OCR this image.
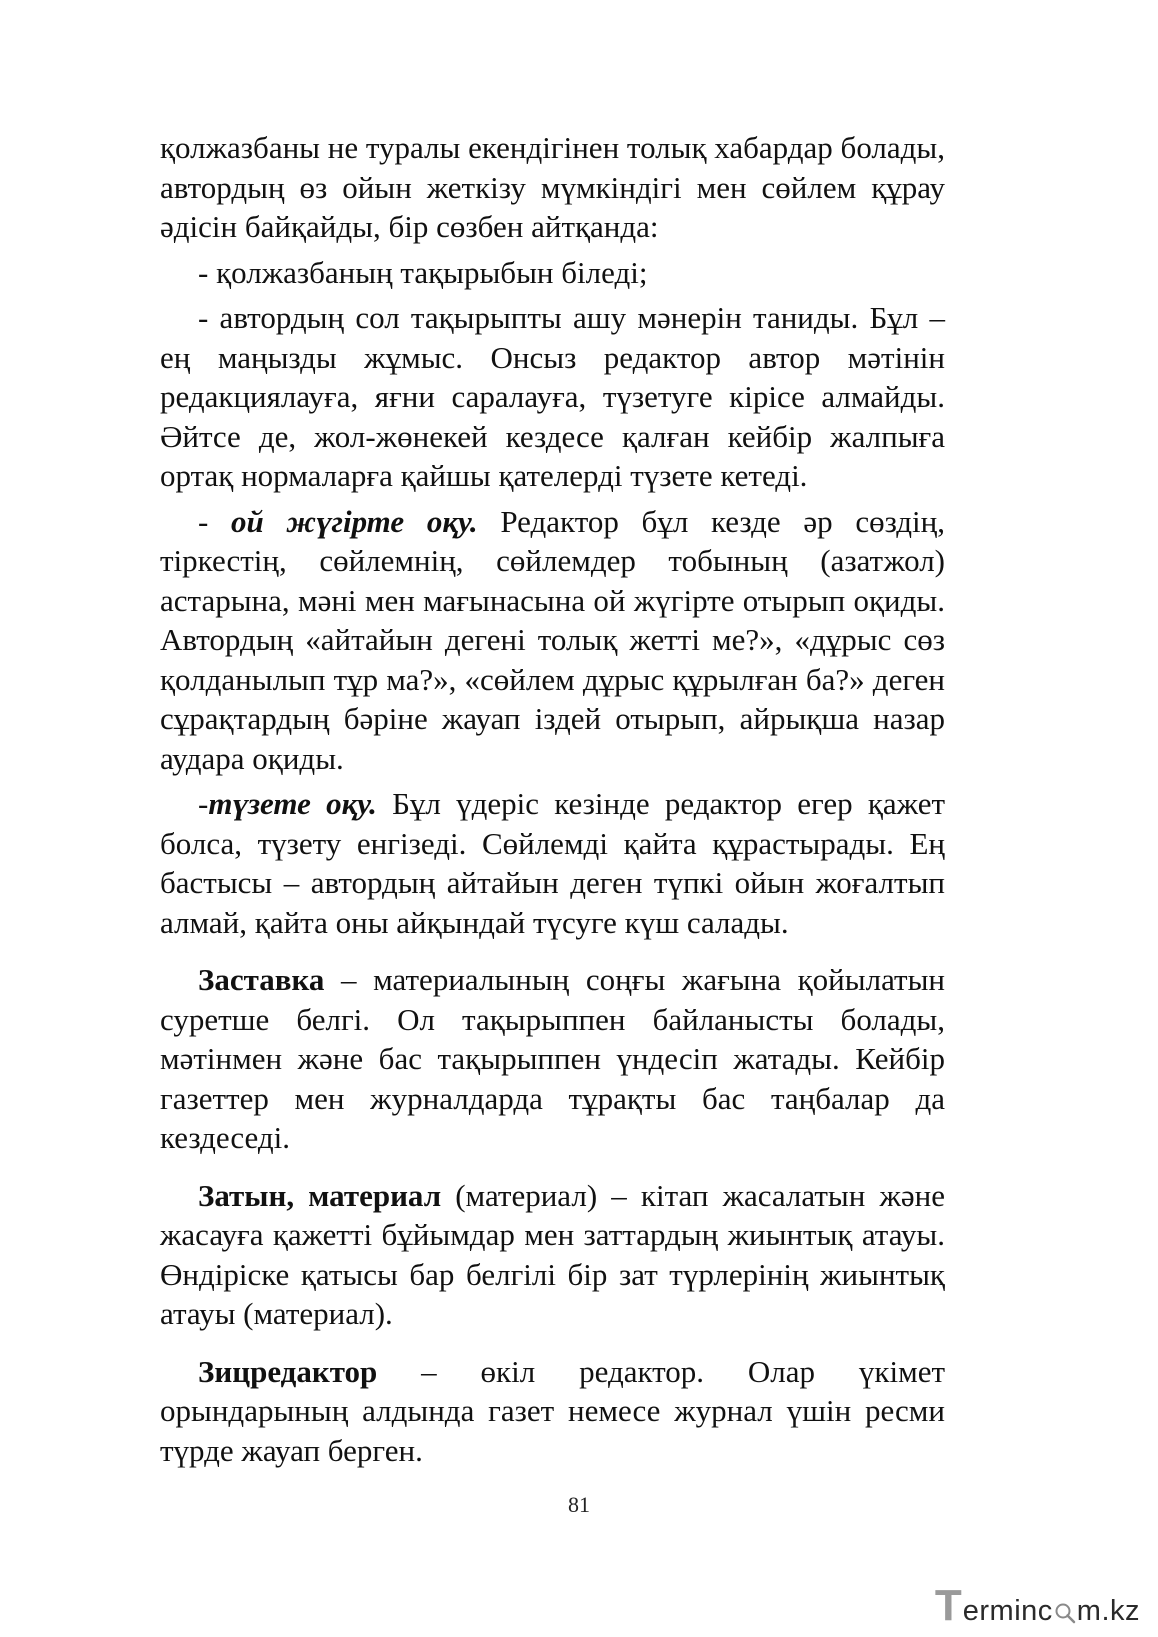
қолжазбаны не туралы екендігінен толық хабардар болады, автордың өз ойын жеткізу мүмкіндігі мен сөйлем құрау әдісін байқайды, бір сөзбен айтқанда:

- қолжазбаның тақырыбын біледі;

- автордың сол тақырыпты ашу мәнерін таниды. Бұл – ең маңызды жұмыс. Онсыз редактор автор мәтінін редакциялауға, яғни саралауға, түзетуге кірісе алмайды. Әйтсе де, жол-жөнекей кездесе қалған кейбір жалпыға ортақ нормаларға қайшы қателерді түзете кетеді.

- ой жүгірте оқу. Редактор бұл кезде әр сөздің, тіркестің, сөйлемнің, сөйлемдер тобының (азатжол) астарына, мәні мен мағынасына ой жүгірте отырып оқиды. Автордың «айтайын дегені толық жетті ме?», «дұрыс сөз қолданылып тұр ма?», «сөйлем дұрыс құрылған ба?» деген сұрақтардың бәріне жауап іздей отырып, айрықша назар аудара оқиды.

-түзете оқу. Бұл үдеріс кезінде редактор егер қажет болса, түзету енгізеді. Сөйлемді қайта құрастырады. Ең бастысы – автордың айтайын деген түпкі ойын жоғалтып алмай, қайта оны айқындай түсуге күш салады.

Заставка – материалының соңғы жағына қойылатын суретше белгі. Ол тақырыппен байланысты болады, мәтінмен және бас тақырыппен үндесіп жатады. Кейбір газеттер мен журналдарда тұрақты бас таңбалар да кездеседі.

Затын, материал (материал) – кітап жасалатын және жасауға қажетті бұйымдар мен заттардың жиынтық атауы. Өндіріске қатысы бар белгілі бір зат түрлерінің жиынтық атауы (материал).

Зицредактор – өкіл редактор. Олар үкімет орындарының алдында газет немесе журнал үшін ресми түрде жауап берген.

81
T erminc m.kz
